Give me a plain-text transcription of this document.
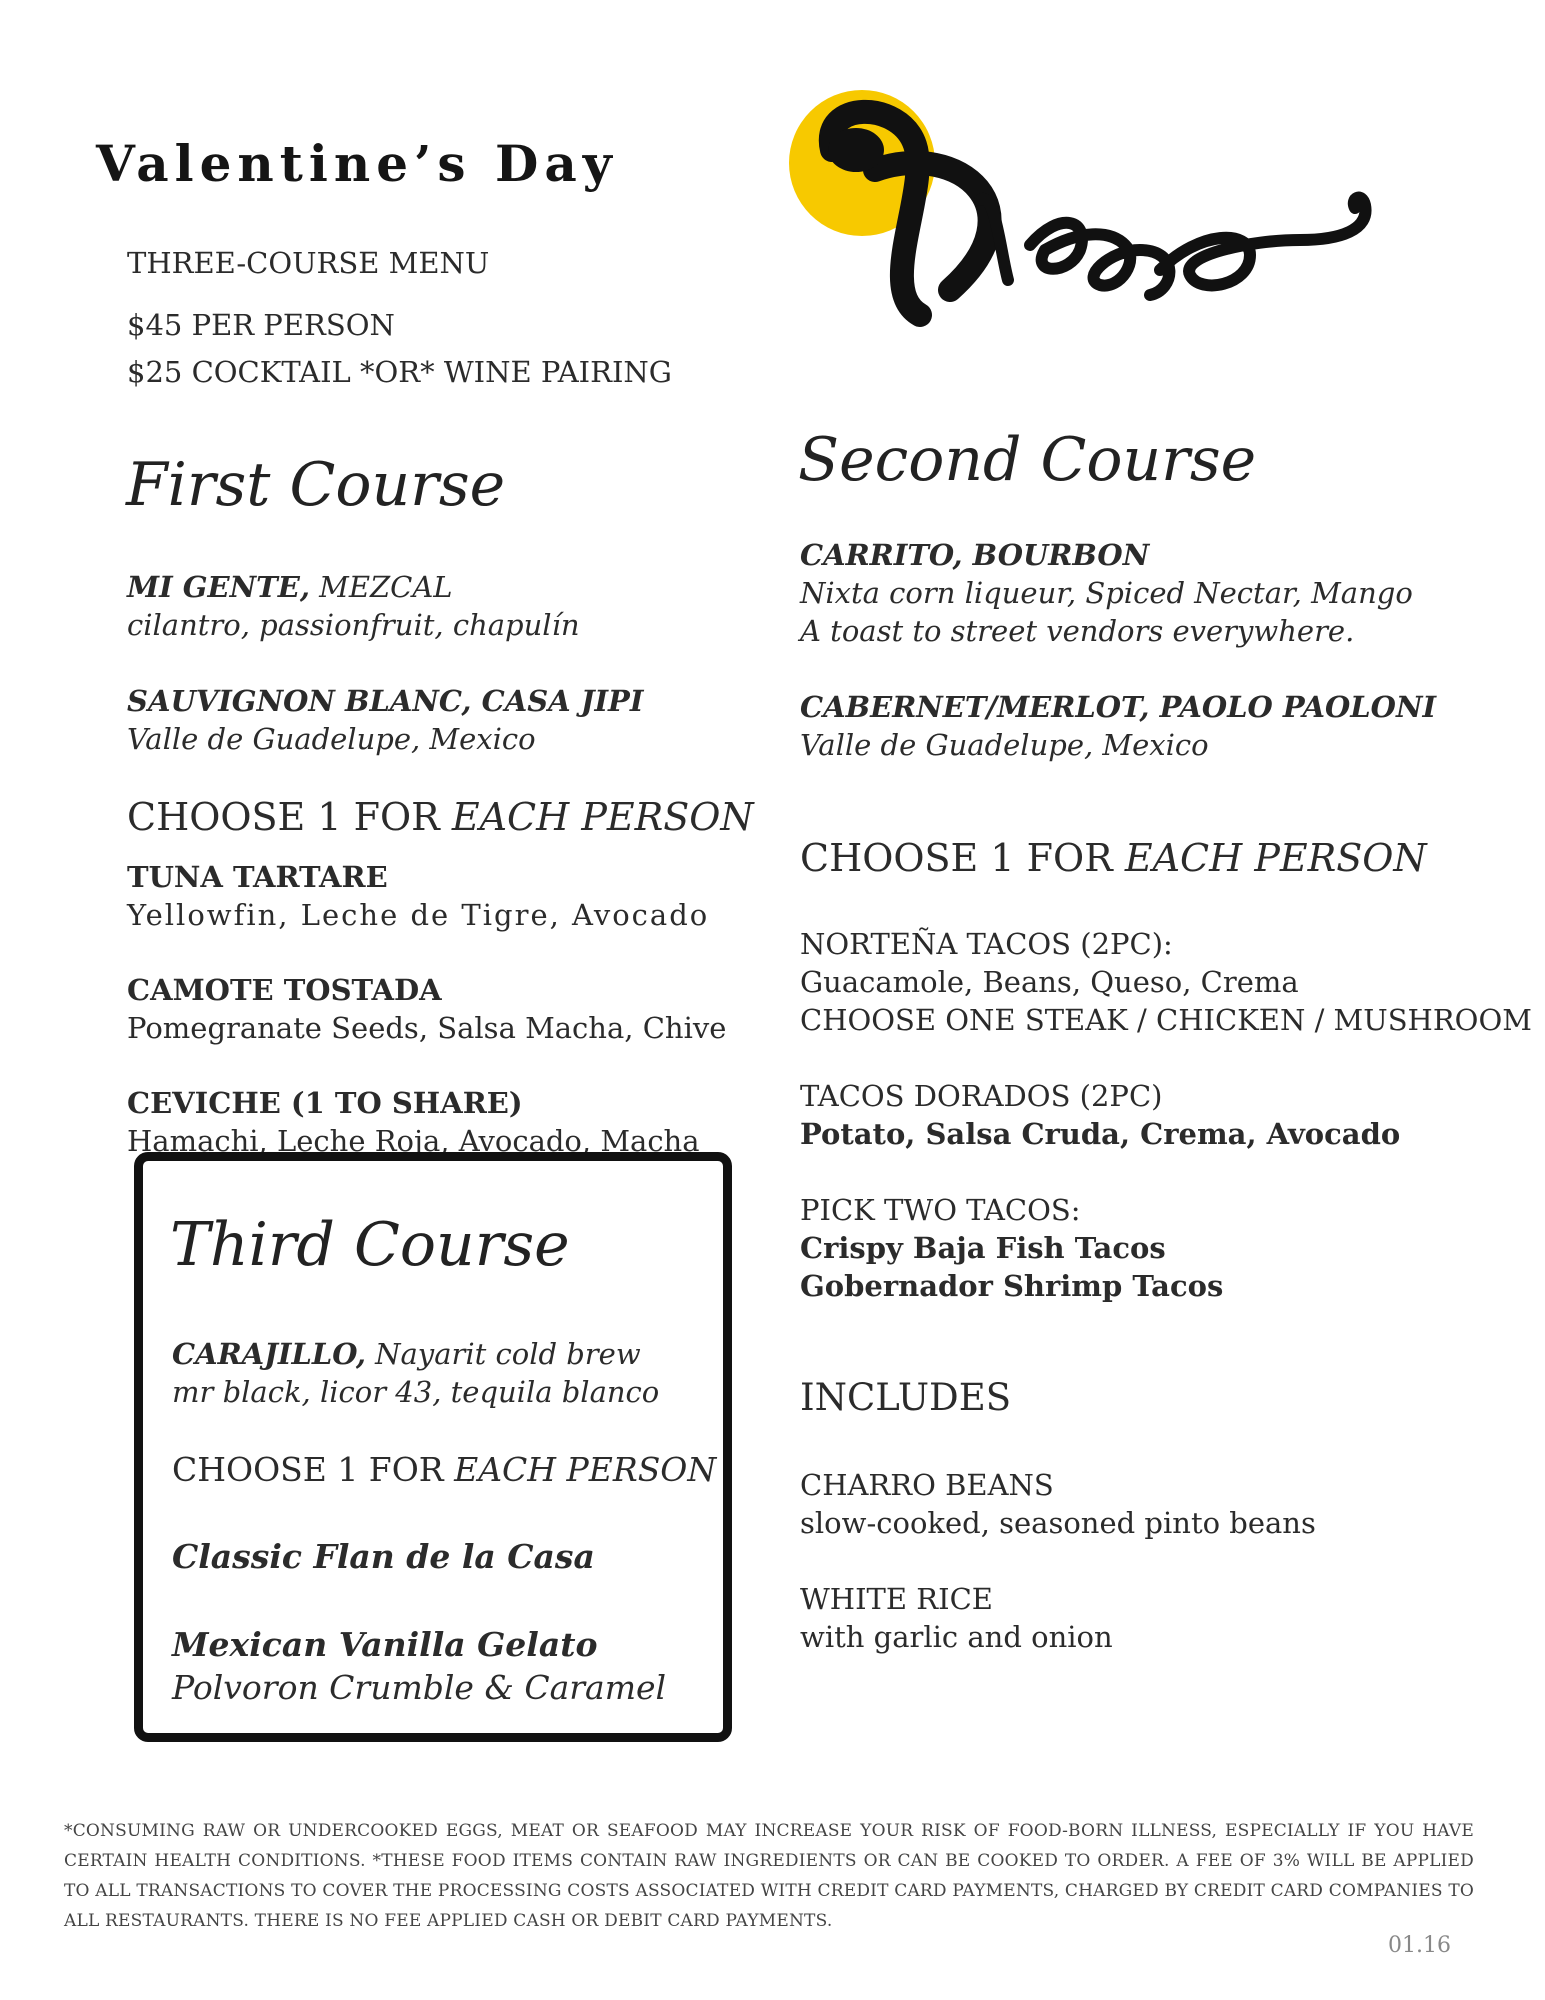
Valentine’s Day
THREE-COURSE MENU
$45 PER PERSON
$25 COCKTAIL *OR* WINE PAIRING
Diego
First Course
MI GENTE, MEZCAL
cilantro, passionfruit, chapulín
SAUVIGNON BLANC, CASA JIPI
Valle de Guadelupe, Mexico
CHOOSE 1 FOR EACH PERSON
TUNA TARTARE
Yellowfin, Leche de Tigre, Avocado
CAMOTE TOSTADA
Pomegranate Seeds, Salsa Macha, Chive
CEVICHE (1 TO SHARE)
Hamachi, Leche Roja, Avocado, Macha
Third Course
CARAJILLO, Nayarit cold brew
mr black, licor 43, tequila blanco
CHOOSE 1 FOR EACH PERSON
Classic Flan de la Casa
Mexican Vanilla Gelato
Polvoron Crumble & Caramel
Second Course
CARRITO, BOURBON
Nixta corn liqueur, Spiced Nectar, Mango
A toast to street vendors everywhere.
CABERNET/MERLOT, PAOLO PAOLONI
Valle de Guadelupe, Mexico
CHOOSE 1 FOR EACH PERSON
NORTEÑA TACOS (2PC):
Guacamole, Beans, Queso, Crema
CHOOSE ONE STEAK / CHICKEN / MUSHROOM
TACOS DORADOS (2PC)
Potato, Salsa Cruda, Crema, Avocado
PICK TWO TACOS:
Crispy Baja Fish Tacos
Gobernador Shrimp Tacos
INCLUDES
CHARRO BEANS
slow-cooked, seasoned pinto beans
WHITE RICE
with garlic and onion
*CONSUMING RAW OR UNDERCOOKED EGGS, MEAT OR SEAFOOD MAY INCREASE YOUR RISK OF FOOD-BORN ILLNESS, ESPECIALLY IF YOU HAVE CERTAIN HEALTH CONDITIONS. *THESE FOOD ITEMS CONTAIN RAW INGREDIENTS OR CAN BE COOKED TO ORDER. A FEE OF 3% WILL BE APPLIED TO ALL TRANSACTIONS TO COVER THE PROCESSING COSTS ASSOCIATED WITH CREDIT CARD PAYMENTS, CHARGED BY CREDIT CARD COMPANIES TO ALL RESTAURANTS. THERE IS NO FEE APPLIED CASH OR DEBIT CARD PAYMENTS.
01.16
